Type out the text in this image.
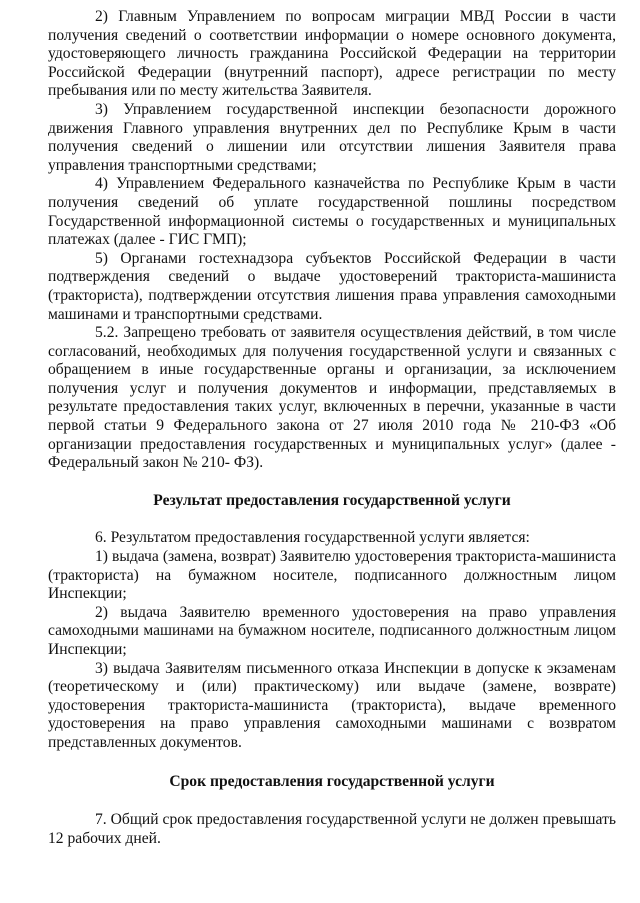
2) Главным Управлением по вопросам миграции МВД России в части получения сведений о соответствии информации о номере основного документа, удостоверяющего личность гражданина Российской Федерации на территории Российской Федерации (внутренний паспорт), адресе регистрации по месту пребывания или по месту жительства Заявителя.

3) Управлением государственной инспекции безопасности дорожного движения Главного управления внутренних дел по Республике Крым в части получения сведений о лишении или отсутствии лишения Заявителя права управления транспортными средствами;

4) Управлением Федерального казначейства по Республике Крым в части получения сведений об уплате государственной пошлины посредством Государственной информационной системы о государственных и муниципальных платежах (далее - ГИС ГМП);

5) Органами гостехнадзора субъектов Российской Федерации в части подтверждения сведений о выдаче удостоверений тракториста-машиниста (тракториста), подтверждении отсутствия лишения права управления самоходными машинами и транспортными средствами.

5.2. Запрещено требовать от заявителя осуществления действий, в том числе согласований, необходимых для получения государственной услуги и связанных с обращением в иные государственные органы и организации, за исключением получения услуг и получения документов и информации, представляемых в результате предоставления таких услуг, включенных в перечни, указанные в части первой статьи 9 Федерального закона от 27 июля 2010 года № 210-ФЗ «Об организации предоставления государственных и муниципальных услуг» (далее - Федеральный закон № 210- ФЗ).

Результат предоставления государственной услуги

6. Результатом предоставления государственной услуги является:

1) выдача (замена, возврат) Заявителю удостоверения тракториста-машиниста (тракториста) на бумажном носителе, подписанного должностным лицом Инспекции;

2) выдача Заявителю временного удостоверения на право управления самоходными машинами на бумажном носителе, подписанного должностным лицом Инспекции;

3) выдача Заявителям письменного отказа Инспекции в допуске к экзаменам (теоретическому и (или) практическому) или выдаче (замене, возврате) удостоверения тракториста-машиниста (тракториста), выдаче временного удостоверения на право управления самоходными машинами с возвратом представленных документов.

Срок предоставления государственной услуги

7. Общий срок предоставления государственной услуги не должен превышать 12 рабочих дней.
